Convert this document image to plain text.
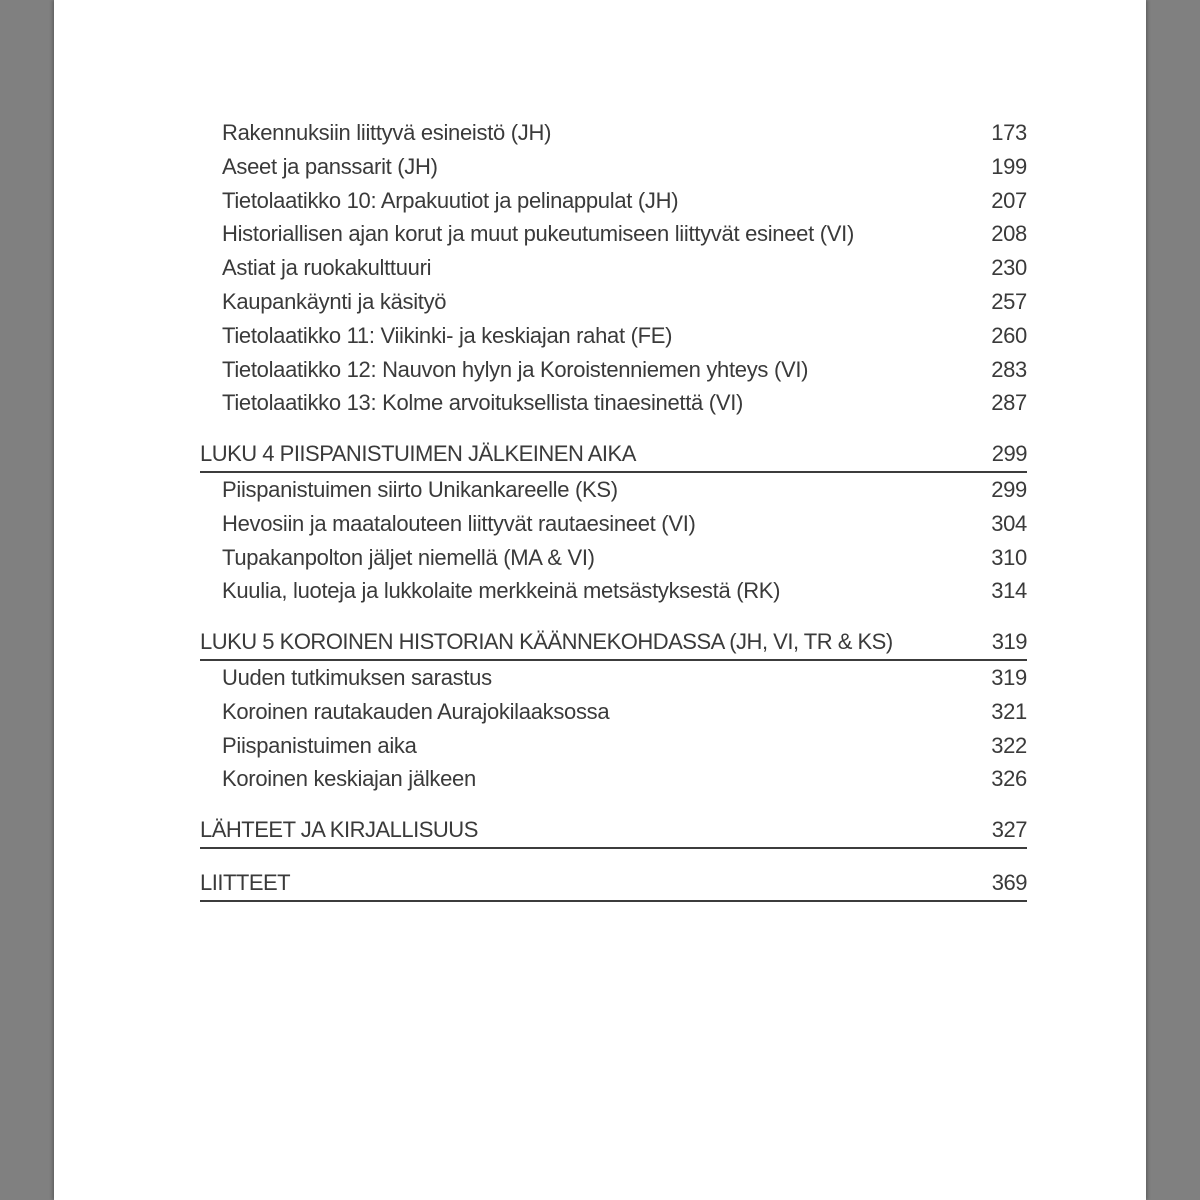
Rakennuksiin liittyvä esineistö (JH)	173
Aseet ja panssarit (JH)	199
Tietolaatikko 10: Arpakuutiot ja pelinappulat (JH)	207
Historiallisen ajan korut ja muut pukeutumiseen liittyvät esineet (VI)	208
Astiat ja ruokakulttuuri	230
Kaupankäynti ja käsityö	257
Tietolaatikko 11: Viikinki- ja keskiajan rahat (FE)	260
Tietolaatikko 12: Nauvon hylyn ja Koroistenniemen yhteys (VI)	283
Tietolaatikko 13: Kolme arvoituksellista tinaesinettä (VI)	287
LUKU 4 PIISPANISTUIMEN JÄLKEINEN AIKA	299
Piispanistuimen siirto Unikankareelle (KS)	299
Hevosiin ja maatalouteen liittyvät rautaesineet (VI)	304
Tupakanpolton jäljet niemellä (MA & VI)	310
Kuulia, luoteja ja lukkolaite merkkeinä metsästyksestä (RK)	314
LUKU 5 KOROINEN HISTORIAN KÄÄNNEKOHDASSA (JH, VI, TR & KS)	319
Uuden tutkimuksen sarastus	319
Koroinen rautakauden Aurajokilaaksossa	321
Piispanistuimen aika	322
Koroinen keskiajan jälkeen	326
LÄHTEET JA KIRJALLISUUS	327
LIITTEET	369
